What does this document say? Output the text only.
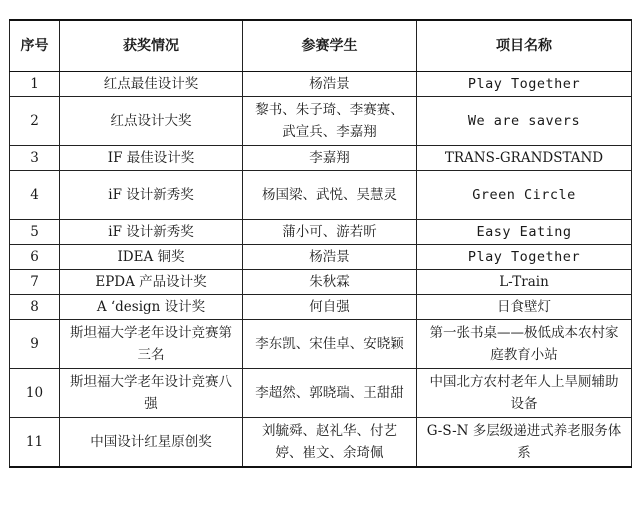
序号	获奖情况	参赛学生	项目名称
1	红点最佳设计奖	杨浩景	Play Together
2	红点设计大奖	黎书、朱子琦、李赛赛、武宣兵、李嘉翔	We are savers
3	IF 最佳设计奖	李嘉翔	TRANS-GRANDSTAND
4	iF 设计新秀奖	杨国梁、武悦、吴慧灵	Green Circle
5	iF 设计新秀奖	蒲小可、游若昕	Easy Eating
6	IDEA 铜奖	杨浩景	Play Together
7	EPDA 产品设计奖	朱秋霖	L-Train
8	A ‘design 设计奖	何自强	日食壁灯
9	斯坦福大学老年设计竞赛第三名	李东凯、宋佳卓、安晓颖	第一张书桌——极低成本农村家庭教育小站
10	斯坦福大学老年设计竞赛八强	李超然、郭晓瑞、王甜甜	中国北方农村老年人上旱厕辅助设备
11	中国设计红星原创奖	刘毓舜、赵礼华、付艺婷、崔文、余琦佩	G-S-N 多层级递进式养老服务体系
